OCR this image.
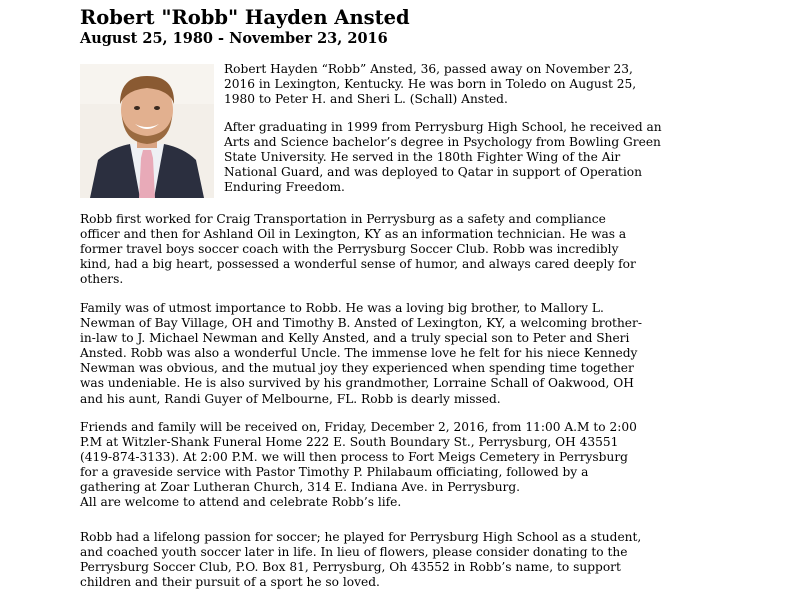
Robert "Robb" Hayden Ansted
August 25, 1980 - November 23, 2016
Robert Hayden “Robb” Ansted, 36, passed away on November 23,
2016 in Lexington, Kentucky. He was born in Toledo on August 25,
1980 to Peter H. and Sheri L. (Schall) Ansted.
After graduating in 1999 from Perrysburg High School, he received an
Arts and Science bachelor’s degree in Psychology from Bowling Green
State University. He served in the 180th Fighter Wing of the Air
National Guard, and was deployed to Qatar in support of Operation
Enduring Freedom.
Robb first worked for Craig Transportation in Perrysburg as a safety and compliance
officer and then for Ashland Oil in Lexington, KY as an information technician. He was a
former travel boys soccer coach with the Perrysburg Soccer Club. Robb was incredibly
kind, had a big heart, possessed a wonderful sense of humor, and always cared deeply for
others.
Family was of utmost importance to Robb. He was a loving big brother, to Mallory L.
Newman of Bay Village, OH and Timothy B. Ansted of Lexington, KY, a welcoming brother-
in-law to J. Michael Newman and Kelly Ansted, and a truly special son to Peter and Sheri
Ansted. Robb was also a wonderful Uncle. The immense love he felt for his niece Kennedy
Newman was obvious, and the mutual joy they experienced when spending time together
was undeniable. He is also survived by his grandmother, Lorraine Schall of Oakwood, OH
and his aunt, Randi Guyer of Melbourne, FL. Robb is dearly missed.
Friends and family will be received on, Friday, December 2, 2016, from 11:00 A.M to 2:00
P.M at Witzler-Shank Funeral Home 222 E. South Boundary St., Perrysburg, OH 43551
(419-874-3133). At 2:00 P.M. we will then process to Fort Meigs Cemetery in Perrysburg
for a graveside service with Pastor Timothy P. Philabaum officiating, followed by a
gathering at Zoar Lutheran Church, 314 E. Indiana Ave. in Perrysburg.
All are welcome to attend and celebrate Robb’s life.
Robb had a lifelong passion for soccer; he played for Perrysburg High School as a student,
and coached youth soccer later in life. In lieu of flowers, please consider donating to the
Perrysburg Soccer Club, P.O. Box 81, Perrysburg, Oh 43552 in Robb’s name, to support
children and their pursuit of a sport he so loved.
